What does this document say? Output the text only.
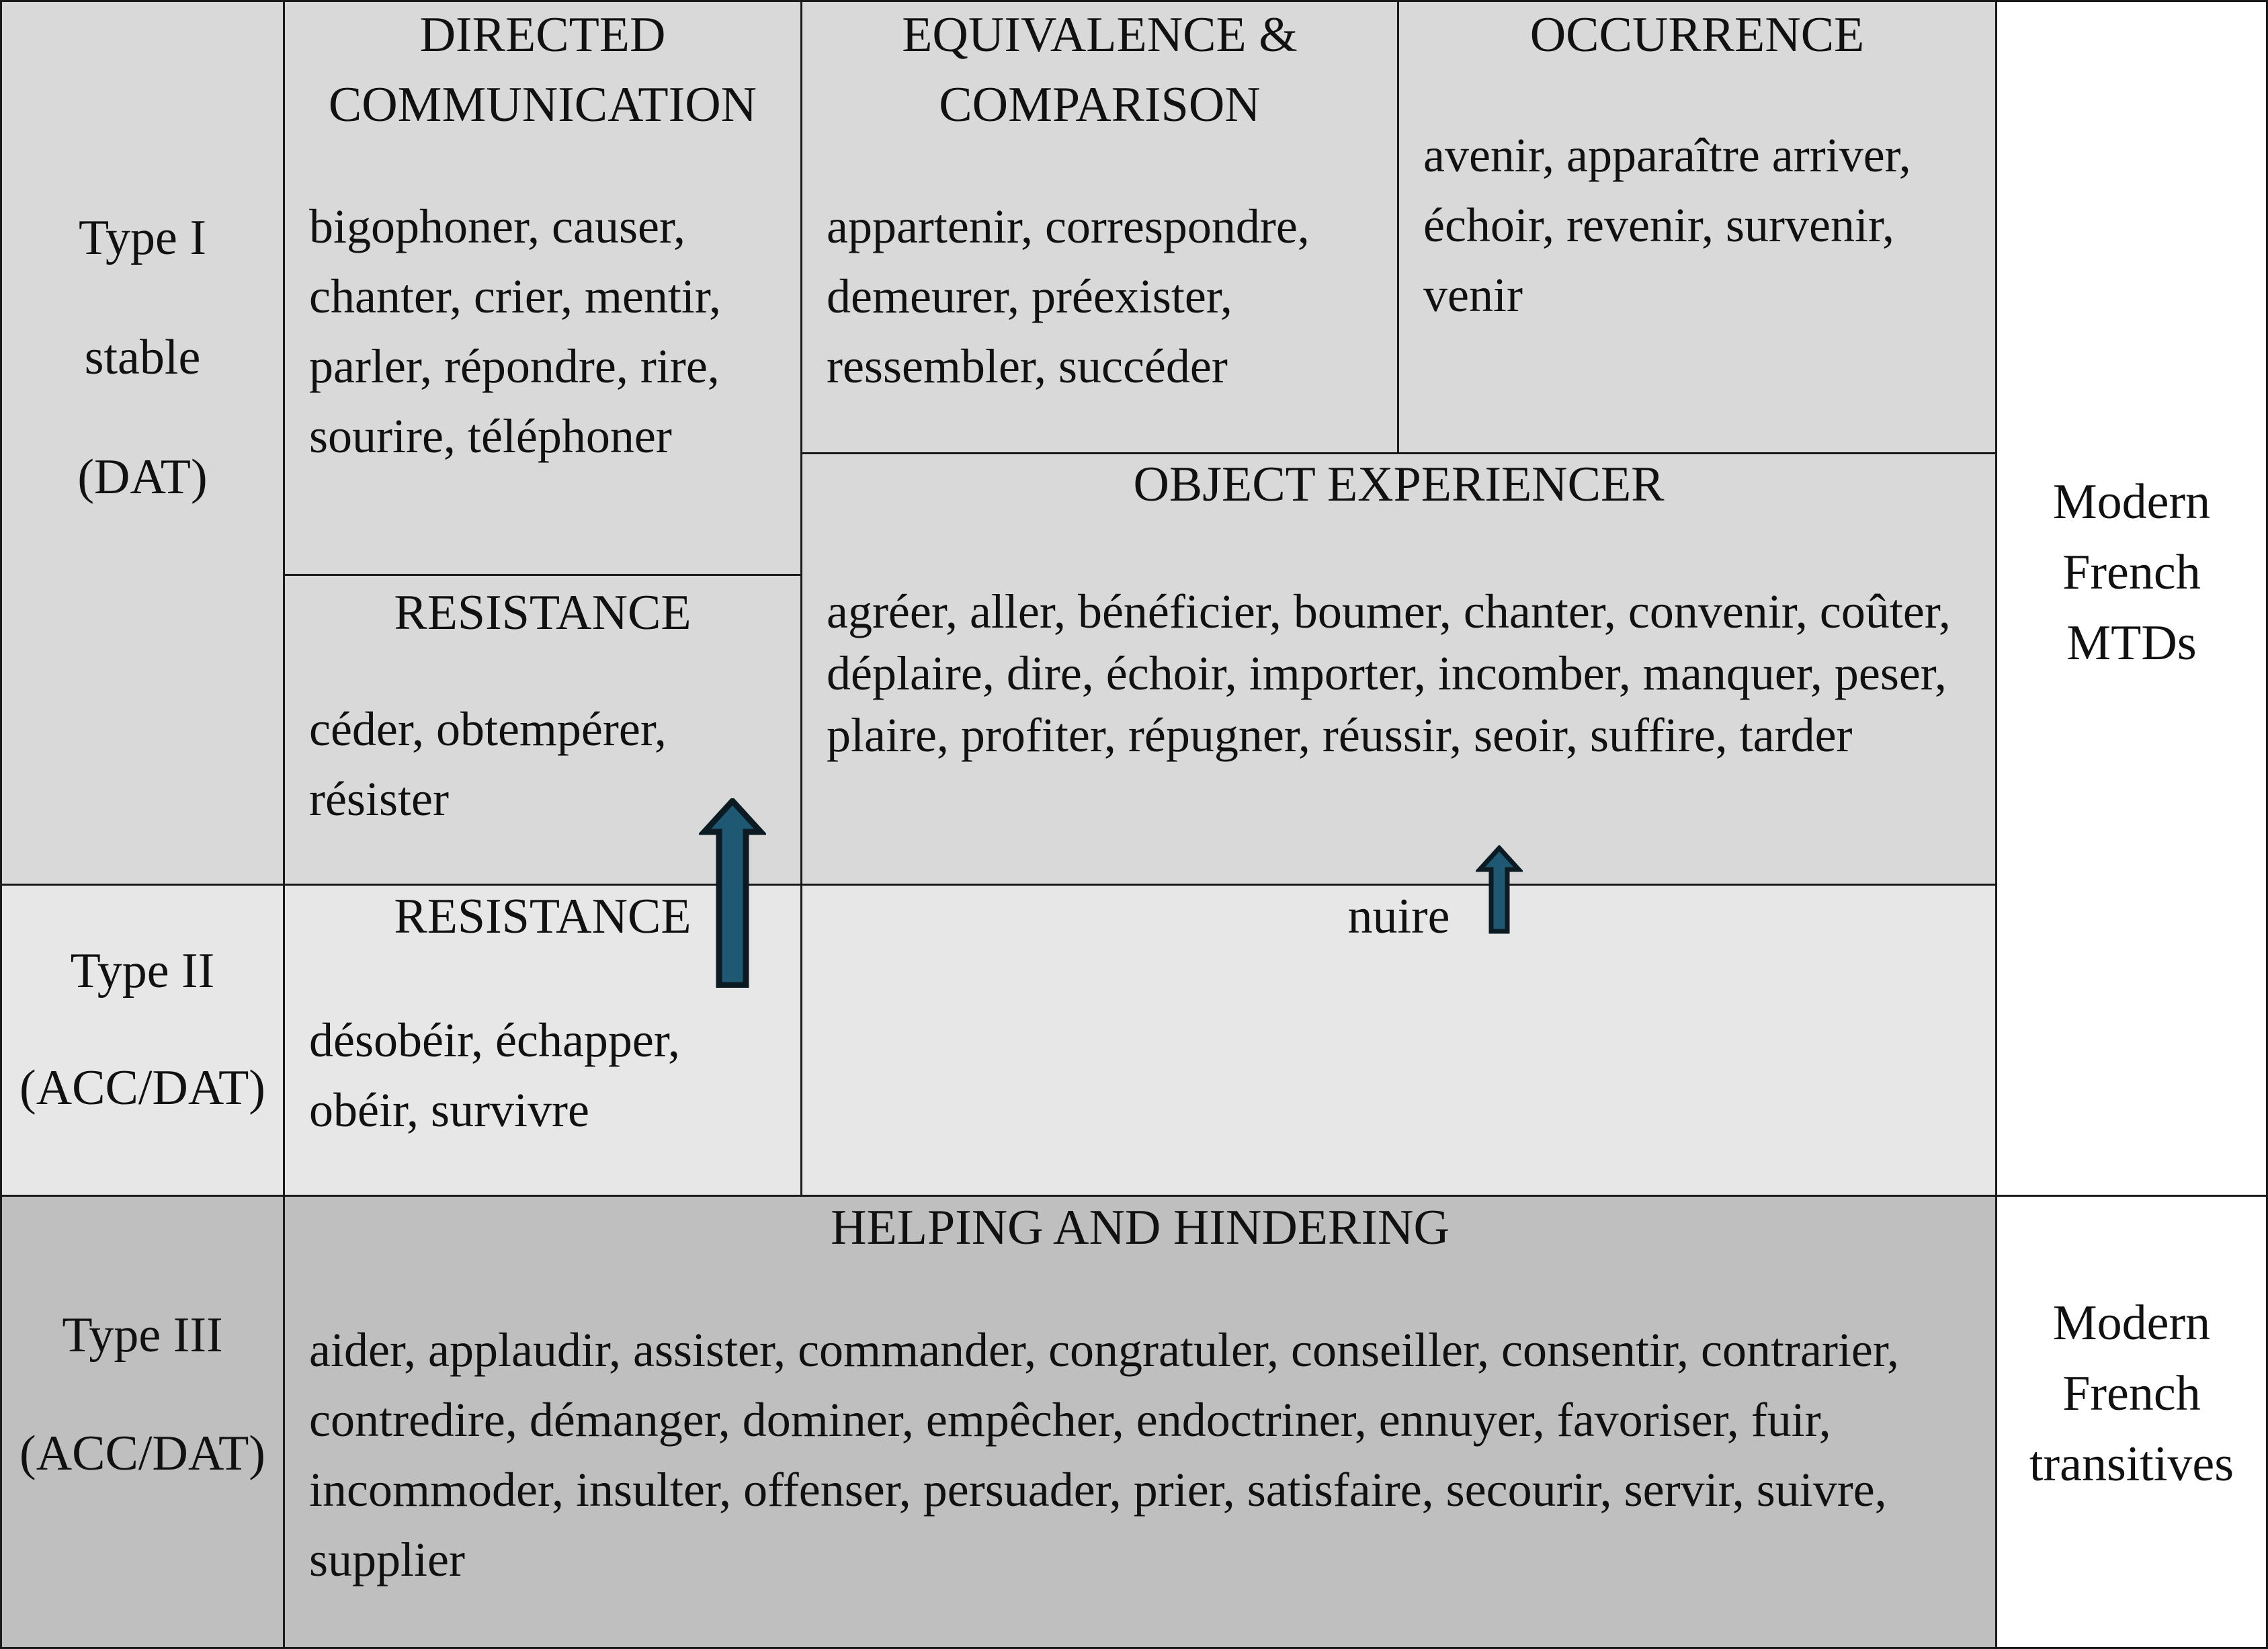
Type I
stable
(DAT)
Type II
(ACC/DAT)
Type III
(ACC/DAT)
DIRECTED
COMMUNICATION
bigophoner, causer, chanter, crier, mentir, parler, répondre, rire, sourire, téléphoner
EQUIVALENCE &
COMPARISON
appartenir, correspondre, demeurer, préexister, ressembler, succéder
OCCURRENCE
avenir, apparaître arriver, échoir, revenir, survenir, venir
RESISTANCE
céder, obtempérer, résister
OBJECT EXPERIENCER
agréer, aller, bénéficier, boumer, chanter, convenir, coûter, déplaire, dire, échoir, importer, incomber, manquer, peser, plaire, profiter, répugner, réussir, seoir, suffire, tarder
RESISTANCE
désobéir, échapper, obéir, survivre
nuire
HELPING AND HINDERING
aider, applaudir, assister, commander, congratuler, conseiller, consentir, contrarier, contredire, démanger, dominer, empêcher, endoctriner, ennuyer, favoriser, fuir, incommoder, insulter, offenser, persuader, prier, satisfaire, secourir, servir, suivre, supplier
Modern
French
MTDs
Modern
French
transitives
